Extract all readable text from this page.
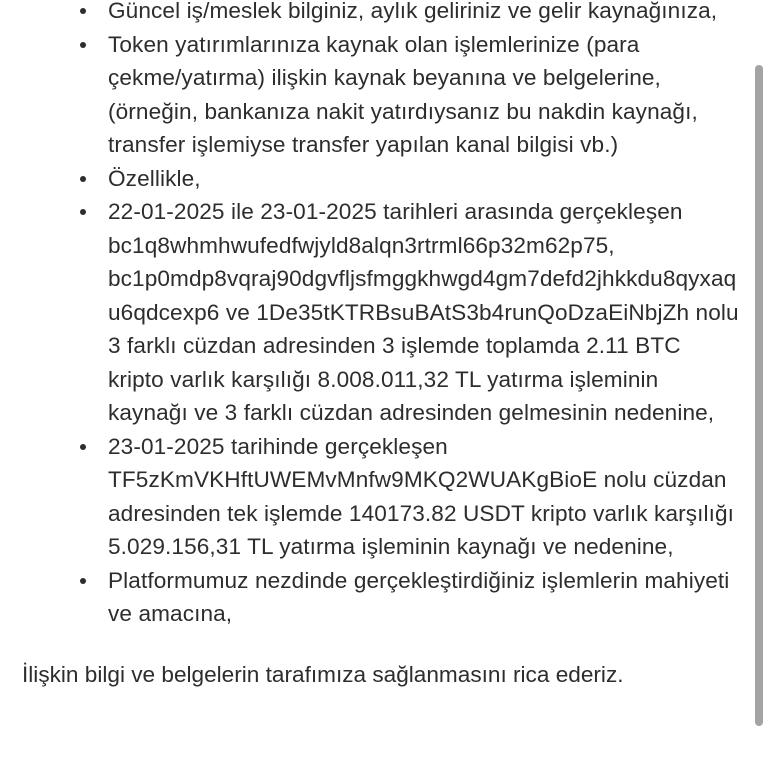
Güncel iş/meslek bilginiz, aylık geliriniz ve gelir kaynağınıza,
Token yatırımlarınıza kaynak olan işlemlerinize (para çekme/yatırma) ilişkin kaynak beyanına ve belgelerine, (örneğin, bankanıza nakit yatırdıysanız bu nakdin kaynağı, transfer işlemiyse transfer yapılan kanal bilgisi vb.)
Özellikle,
22-01-2025 ile 23-01-2025 tarihleri arasında gerçekleşen bc1q8whmhwufedfwjyld8alqn3rtrml66p32m62p75, bc1p0mdp8vqraj90dgvfljsfmggkhwgd4gm7defd2jhkkdu8qyxaqu6qdcexp6 ve 1De35tKTRBsuBAtS3b4runQoDzaEiNbjZh nolu 3 farklı cüzdan adresinden 3 işlemde toplamda 2.11 BTC kripto varlık karşılığı 8.008.011,32 TL yatırma işleminin kaynağı ve 3 farklı cüzdan adresinden gelmesinin nedenine,
23-01-2025 tarihinde gerçekleşen TF5zKmVKHftUWEMvMnfw9MKQ2WUAKgBioE nolu cüzdan adresinden tek işlemde 140173.82 USDT kripto varlık karşılığı 5.029.156,31 TL yatırma işleminin kaynağı ve nedenine,
Platformumuz nezdinde gerçekleştirdiğiniz işlemlerin mahiyeti ve amacına,

İlişkin bilgi ve belgelerin tarafımıza sağlanmasını rica ederiz.
